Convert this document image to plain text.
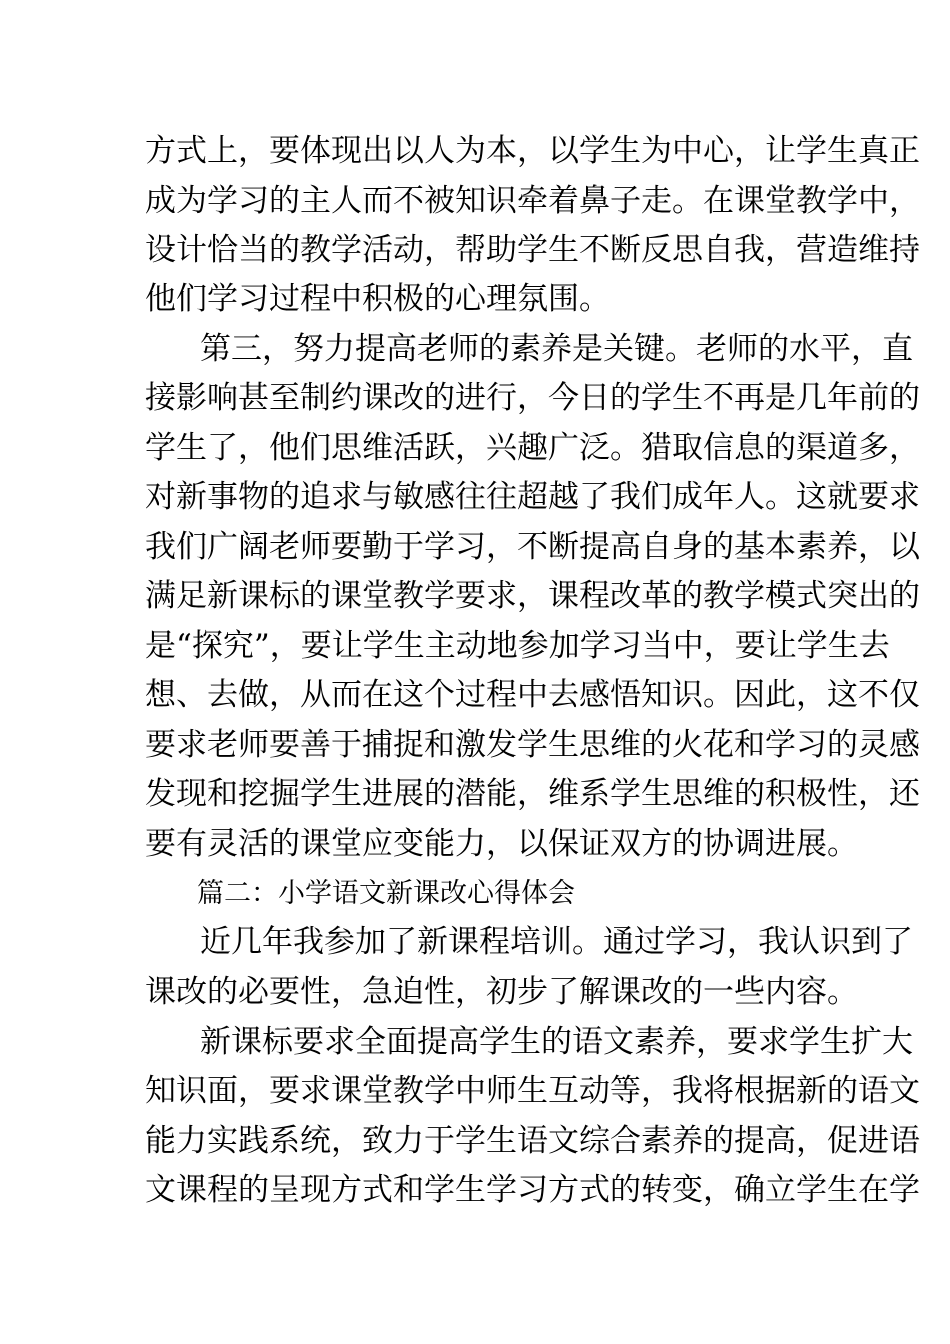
方式上，要体现出以人为本，以学生为中心，让学生真正
成为学习的主人而不被知识牵着鼻子走。在课堂教学中，
设计恰当的教学活动，帮助学生不断反思自我，营造维持
他们学习过程中积极的心理氛围。
第三，努力提高老师的素养是关键。老师的水平，直
接影响甚至制约课改的进行，今日的学生不再是几年前的
学生了，他们思维活跃，兴趣广泛。猎取信息的渠道多，
对新事物的追求与敏感往往超越了我们成年人。这就要求
我们广阔老师要勤于学习，不断提高自身的基本素养，以
满足新课标的课堂教学要求，课程改革的教学模式突出的
是“探究”，要让学生主动地参加学习当中，要让学生去
想、去做，从而在这个过程中去感悟知识。因此，这不仅
要求老师要善于捕捉和激发学生思维的火花和学习的灵感
发现和挖掘学生进展的潜能，维系学生思维的积极性，还
要有灵活的课堂应变能力，以保证双方的协调进展。
篇二：小学语文新课改心得体会
近几年我参加了新课程培训。通过学习，我认识到了
课改的必要性，急迫性，初步了解课改的一些内容。
新课标要求全面提高学生的语文素养，要求学生扩大
知识面，要求课堂教学中师生互动等，我将根据新的语文
能力实践系统，致力于学生语文综合素养的提高，促进语
文课程的呈现方式和学生学习方式的转变，确立学生在学
